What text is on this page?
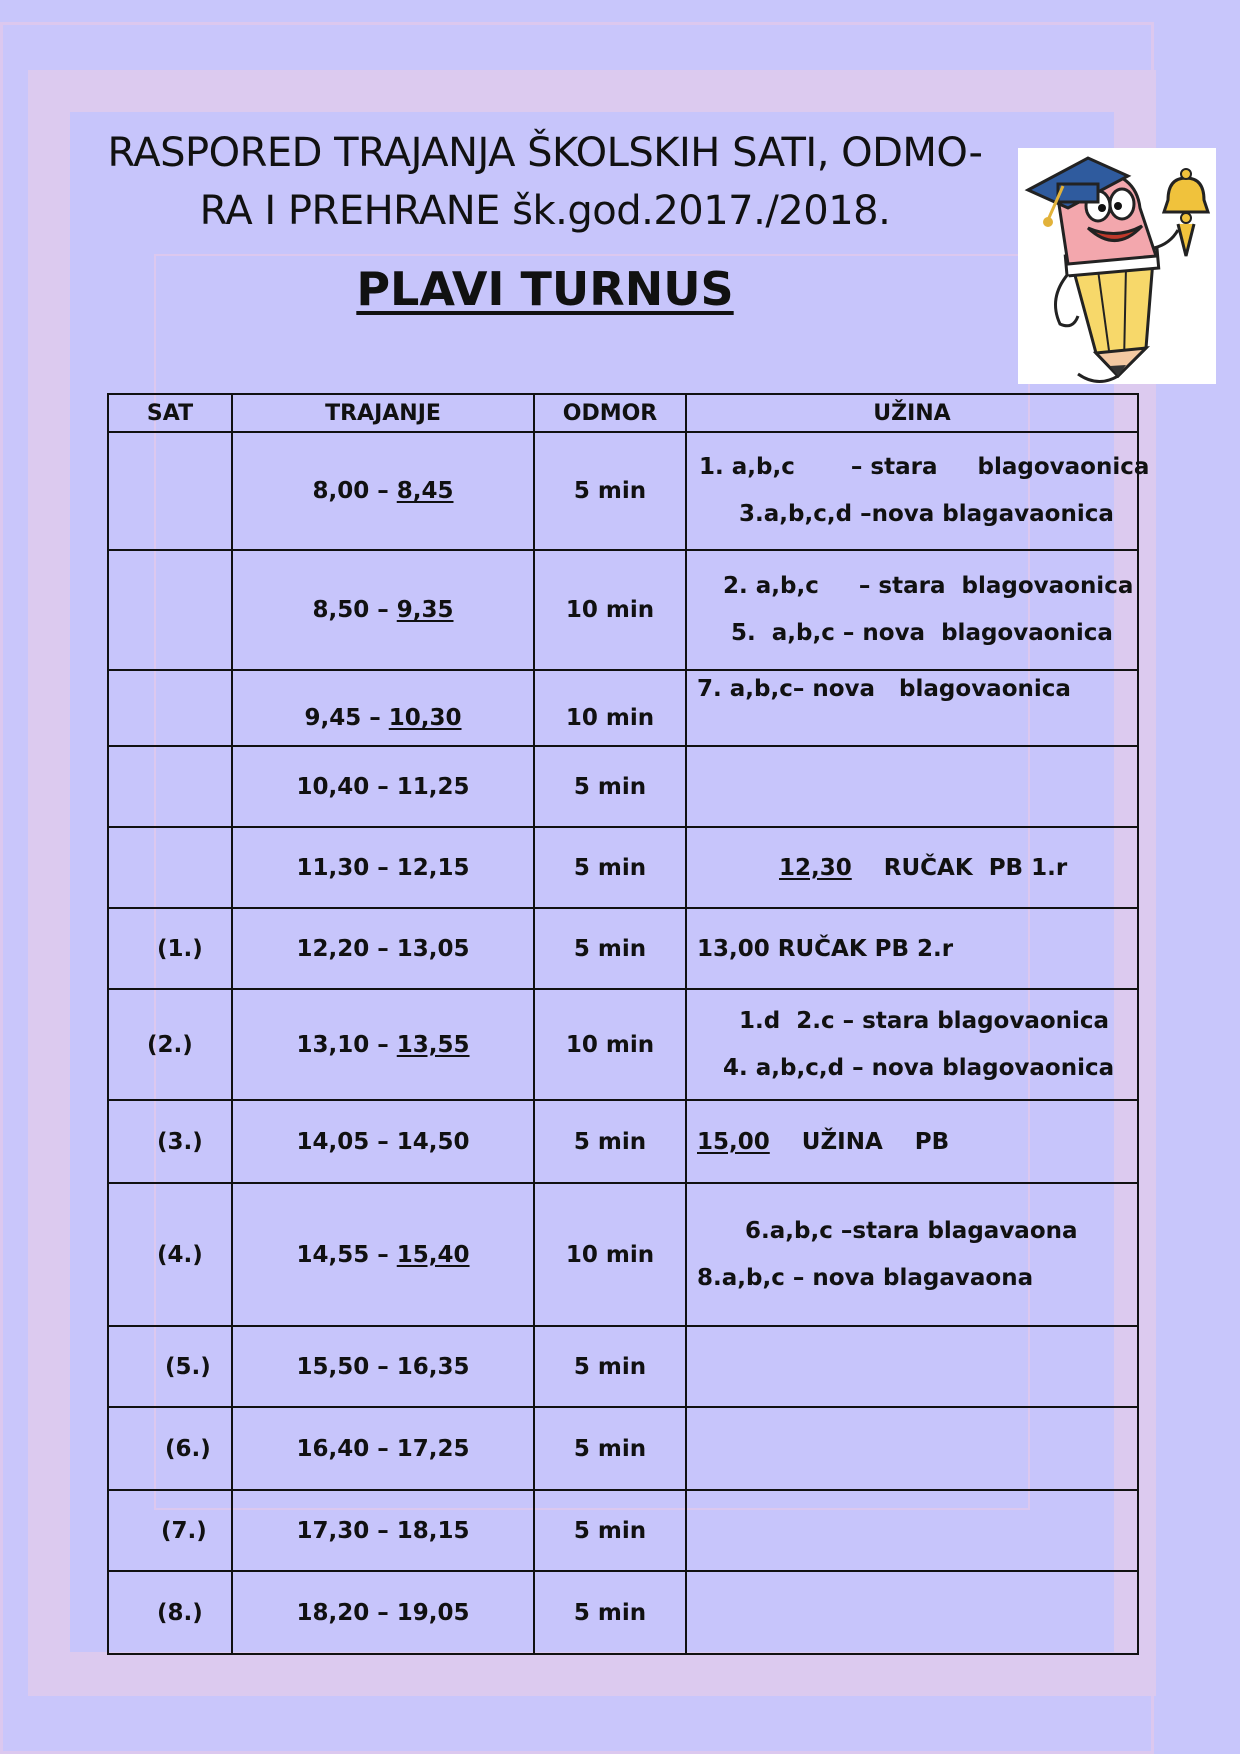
RASPORED TRAJANJA ŠKOLSKIH SATI, ODMO-
RA I PREHRANE šk.god.2017./2018.
PLAVI TURNUS
SAT	TRAJANJE	ODMOR	UŽINA
	8,00 – 8,45	5 min	1. a,b,c       – stara     blagovaonica
3.a,b,c,d –nova blagavaonica

	8,50 – 9,35	10 min	2. a,b,c     – stara  blagovaonica
5.  a,b,c – nova  blagovaonica

	9,45 – 10,30	10 min	7. a,b,c– nova   blagovaonica

	10,40 – 11,25	5 min	
	11,30 – 12,15	5 min	12,30    RUČAK  PB 1.r
(1.)	12,20 – 13,05	5 min	13,00 RUČAK PB 2.r
(2.)	13,10 – 13,55	10 min	1.d  2.c – stara blagovaonica
4. a,b,c,d – nova blagovaonica

(3.)	14,05 – 14,50	5 min	15,00    UŽINA    PB
(4.)	14,55 – 15,40	10 min	6.a,b,c –stara blagavaona
8.a,b,c – nova blagavaona

(5.)	15,50 – 16,35	5 min	
(6.)	16,40 – 17,25	5 min	
(7.)	17,30 – 18,15	5 min	
(8.)	18,20 – 19,05	5 min	
